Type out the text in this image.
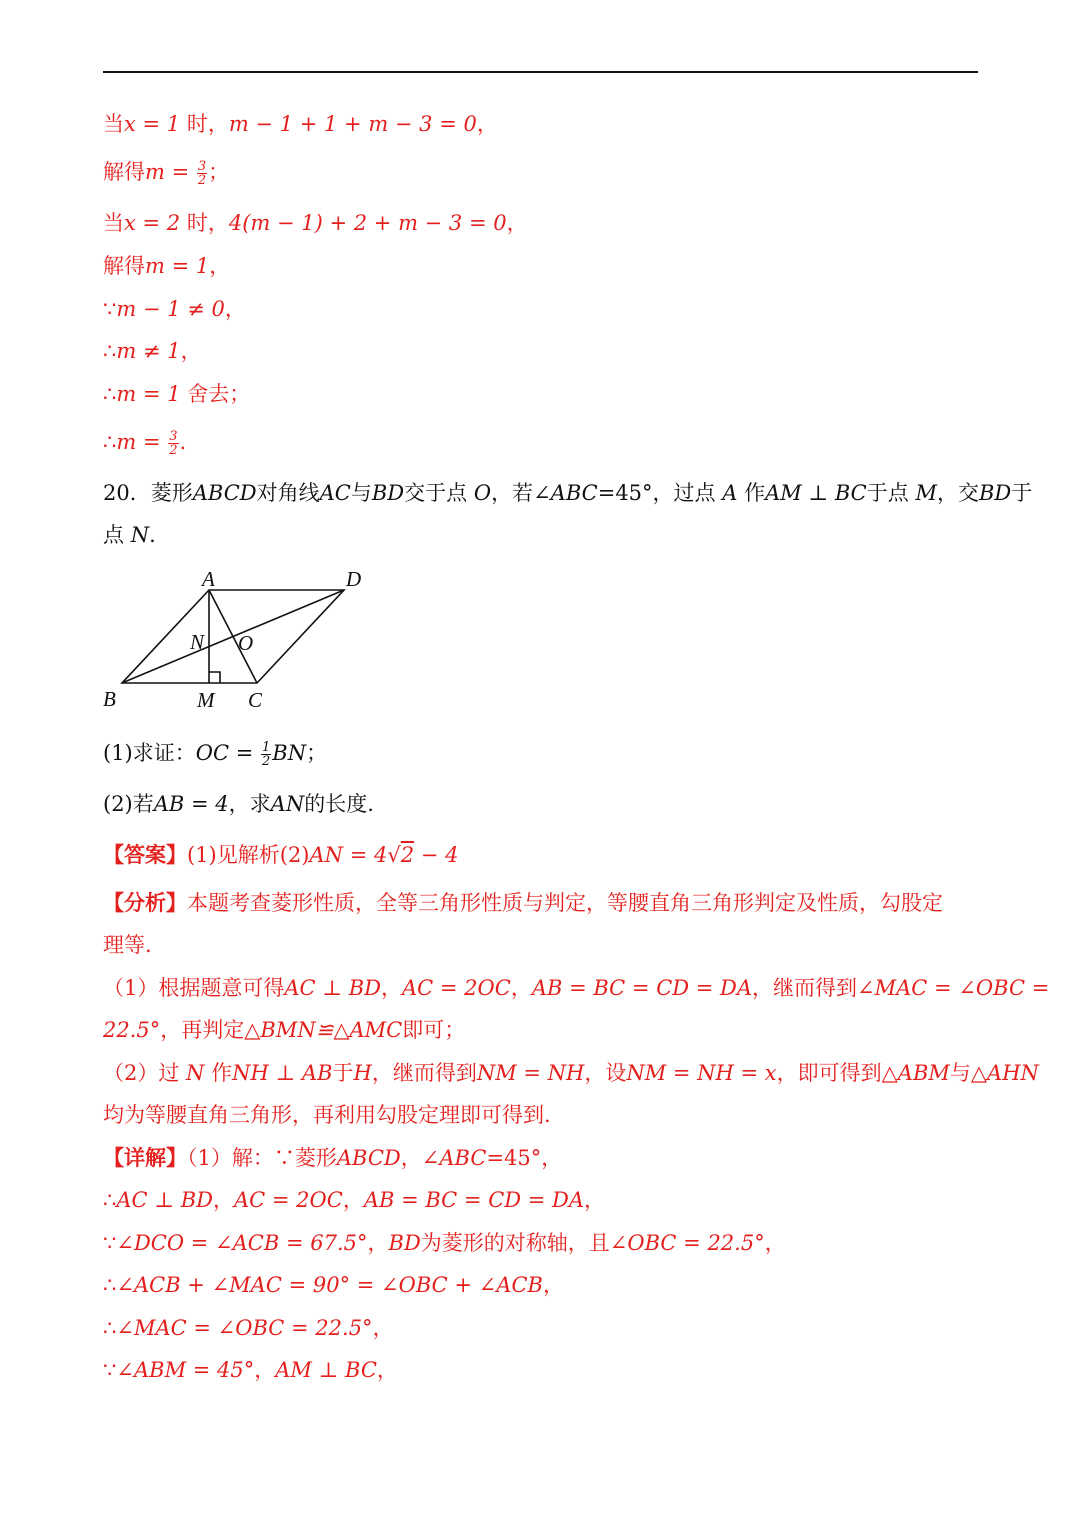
当x = 1 时，m − 1 + 1 + m − 3 = 0，
解得$m = \frac{3}{2}$ ；
当x = 2 时，4(m − 1) + 2 + m − 3 = 0，
解得m = 1，
∵m − 1 ≠ 0，
∴m ≠ 1，
∴m = 1 舍去；
∴m = $\frac{3}{2}$ .
20．菱形ABCD对角线AC与BD交于点 O，若∠ABC=45°，过点 A 作AM ⊥ BC于点 M，交BD于
点 N.
A	D
N O
B	M C
(1)求证：OC = $\frac{1}{2}$ BN；
(2)若AB = 4，求AN的长度.
【答案】(1)见解析(2)AN = 4√2 − 4
【分析】本题考查菱形性质，全等三角形性质与判定，等腰直角三角形判定及性质，勾股定
理等.
（1）根据题意可得AC ⊥ BD，AC = 2OC，AB = BC = CD = DA，继而得到∠MAC = ∠OBC =
22.5°，再判定△BMN≌△AMC即可；
（2）过 N 作NH ⊥ AB于H，继而得到NM = NH，设NM = NH = x，即可得到△ABM与△AHN
均为等腰直角三角形，再利用勾股定理即可得到.
【详解】（1）解：∵菱形ABCD，∠ABC=45°，
∴AC ⊥ BD，AC = 2OC，AB = BC = CD = DA，
∵∠DCO = ∠ACB = 67.5°，BD为菱形的对称轴，且∠OBC = 22.5°，
∴∠ACB + ∠MAC = 90° = ∠OBC + ∠ACB，
∴∠MAC = ∠OBC = 22.5°，
∵∠ABM = 45°，AM ⊥ BC，
